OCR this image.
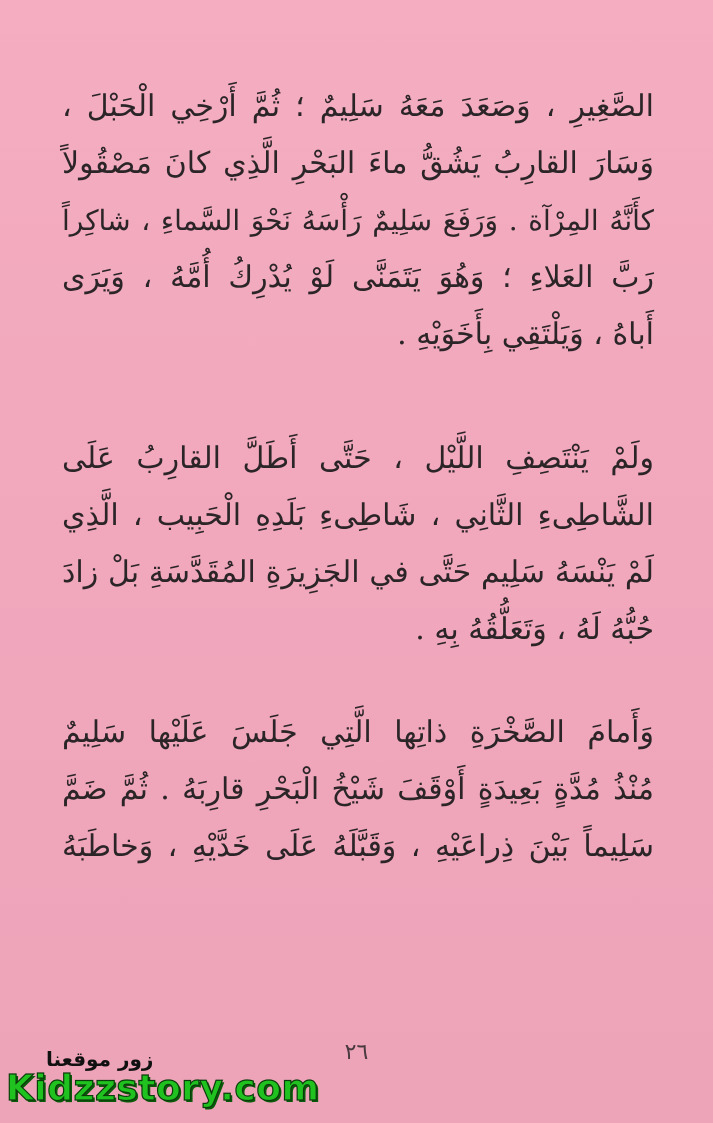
الصَّغِيرِ ، وَصَعَدَ مَعَهُ سَلِيمٌ ؛ ثُمَّ أَرْخِي الْحَبْلَ ،
وَسَارَ القارِبُ يَشُقُّ ماءَ البَحْرِ الَّذِي كانَ مَصْقُولاً
كأَنَّهُ المِرْآة . وَرَفَعَ سَلِيمٌ رَأْسَهُ نَحْوَ السَّماءِ ، شاكِراً
رَبَّ العَلاءِ ؛ وَهُوَ يَتَمَنَّى لَوْ يُدْرِكُ أُمَّهُ ، وَيَرَى
أَباهُ ، وَيَلْتَقِي بِأَخَوَيْهِ .
ولَمْ يَنْتَصِفِ اللَّيْل ، حَتَّى أَطَلَّ القارِبُ عَلَى
الشَّاطِىءِ الثَّانِي ، شَاطِىءِ بَلَدِهِ الْحَبِيب ، الَّذِي
لَمْ يَنْسَهُ سَلِيم حَتَّى في الجَزِيرَةِ المُقَدَّسَةِ بَلْ زادَ
حُبُّهُ لَهُ ، وَتَعَلُّقُهُ بِهِ .
وَأَمامَ الصَّخْرَةِ ذاتِها الَّتِي جَلَسَ عَلَيْها سَلِيمٌ
مُنْذُ مُدَّةٍ بَعِيدَةٍ أَوْقَفَ شَيْخُ الْبَحْرِ قارِبَهُ . ثُمَّ ضَمَّ
سَلِيماً بَيْنَ ذِراعَيْهِ ، وَقَبَّلَهُ عَلَى خَدَّيْهِ ، وَخاطَبَهُ
٢٦
زور موقعنا
Kidzzstory.com
